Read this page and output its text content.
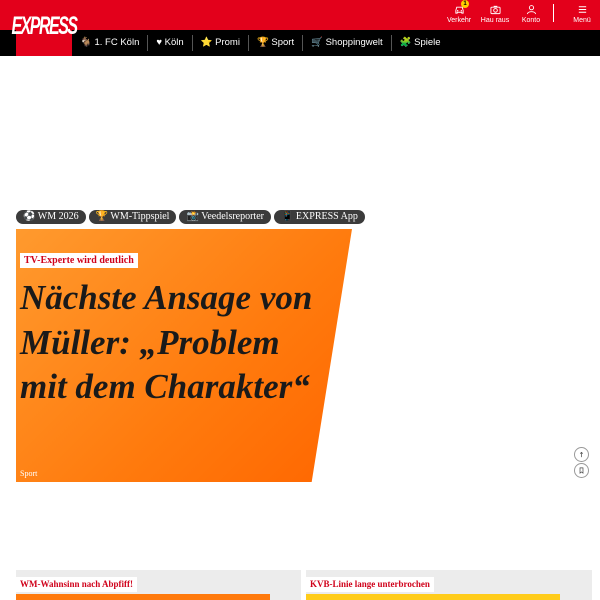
EXPRESS
1
Verkehr Hau raus Konto	Menü
🐐 1. FC Köln	♥ Köln	⭐ Promi	🏆 Sport	🛒 Shoppingwelt	🧩 Spiele
⚽ WM 2026	🏆 WM-Tippspiel	📸 Veedelsreporter	📱 EXPRESS App
TV-Experte wird deutlich
Nächste Ansage von Müller: „Problem mit dem Charakter“
Sport
WM-Wahnsinn nach Abpfiff!	KVB-Linie lange unterbrochen
